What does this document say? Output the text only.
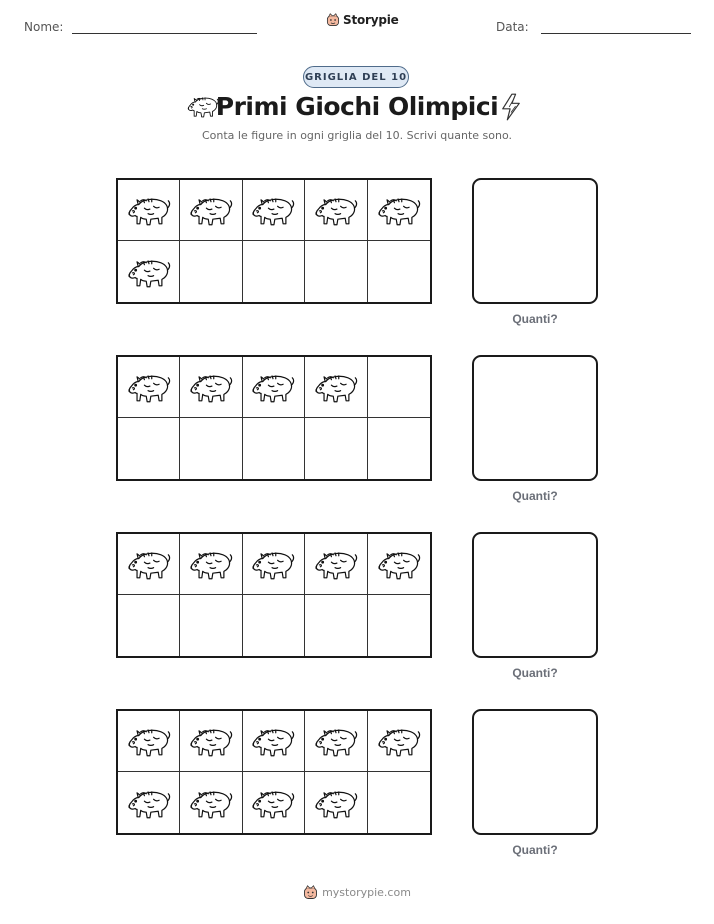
Nome:	Storypie	Data:
GRIGLIA DEL 10
Primi Giochi Olimpici
Conta le figure in ogni griglia del 10. Scrivi quante sono.
Quanti?
Quanti?
Quanti?
Quanti?
mystorypie.com
